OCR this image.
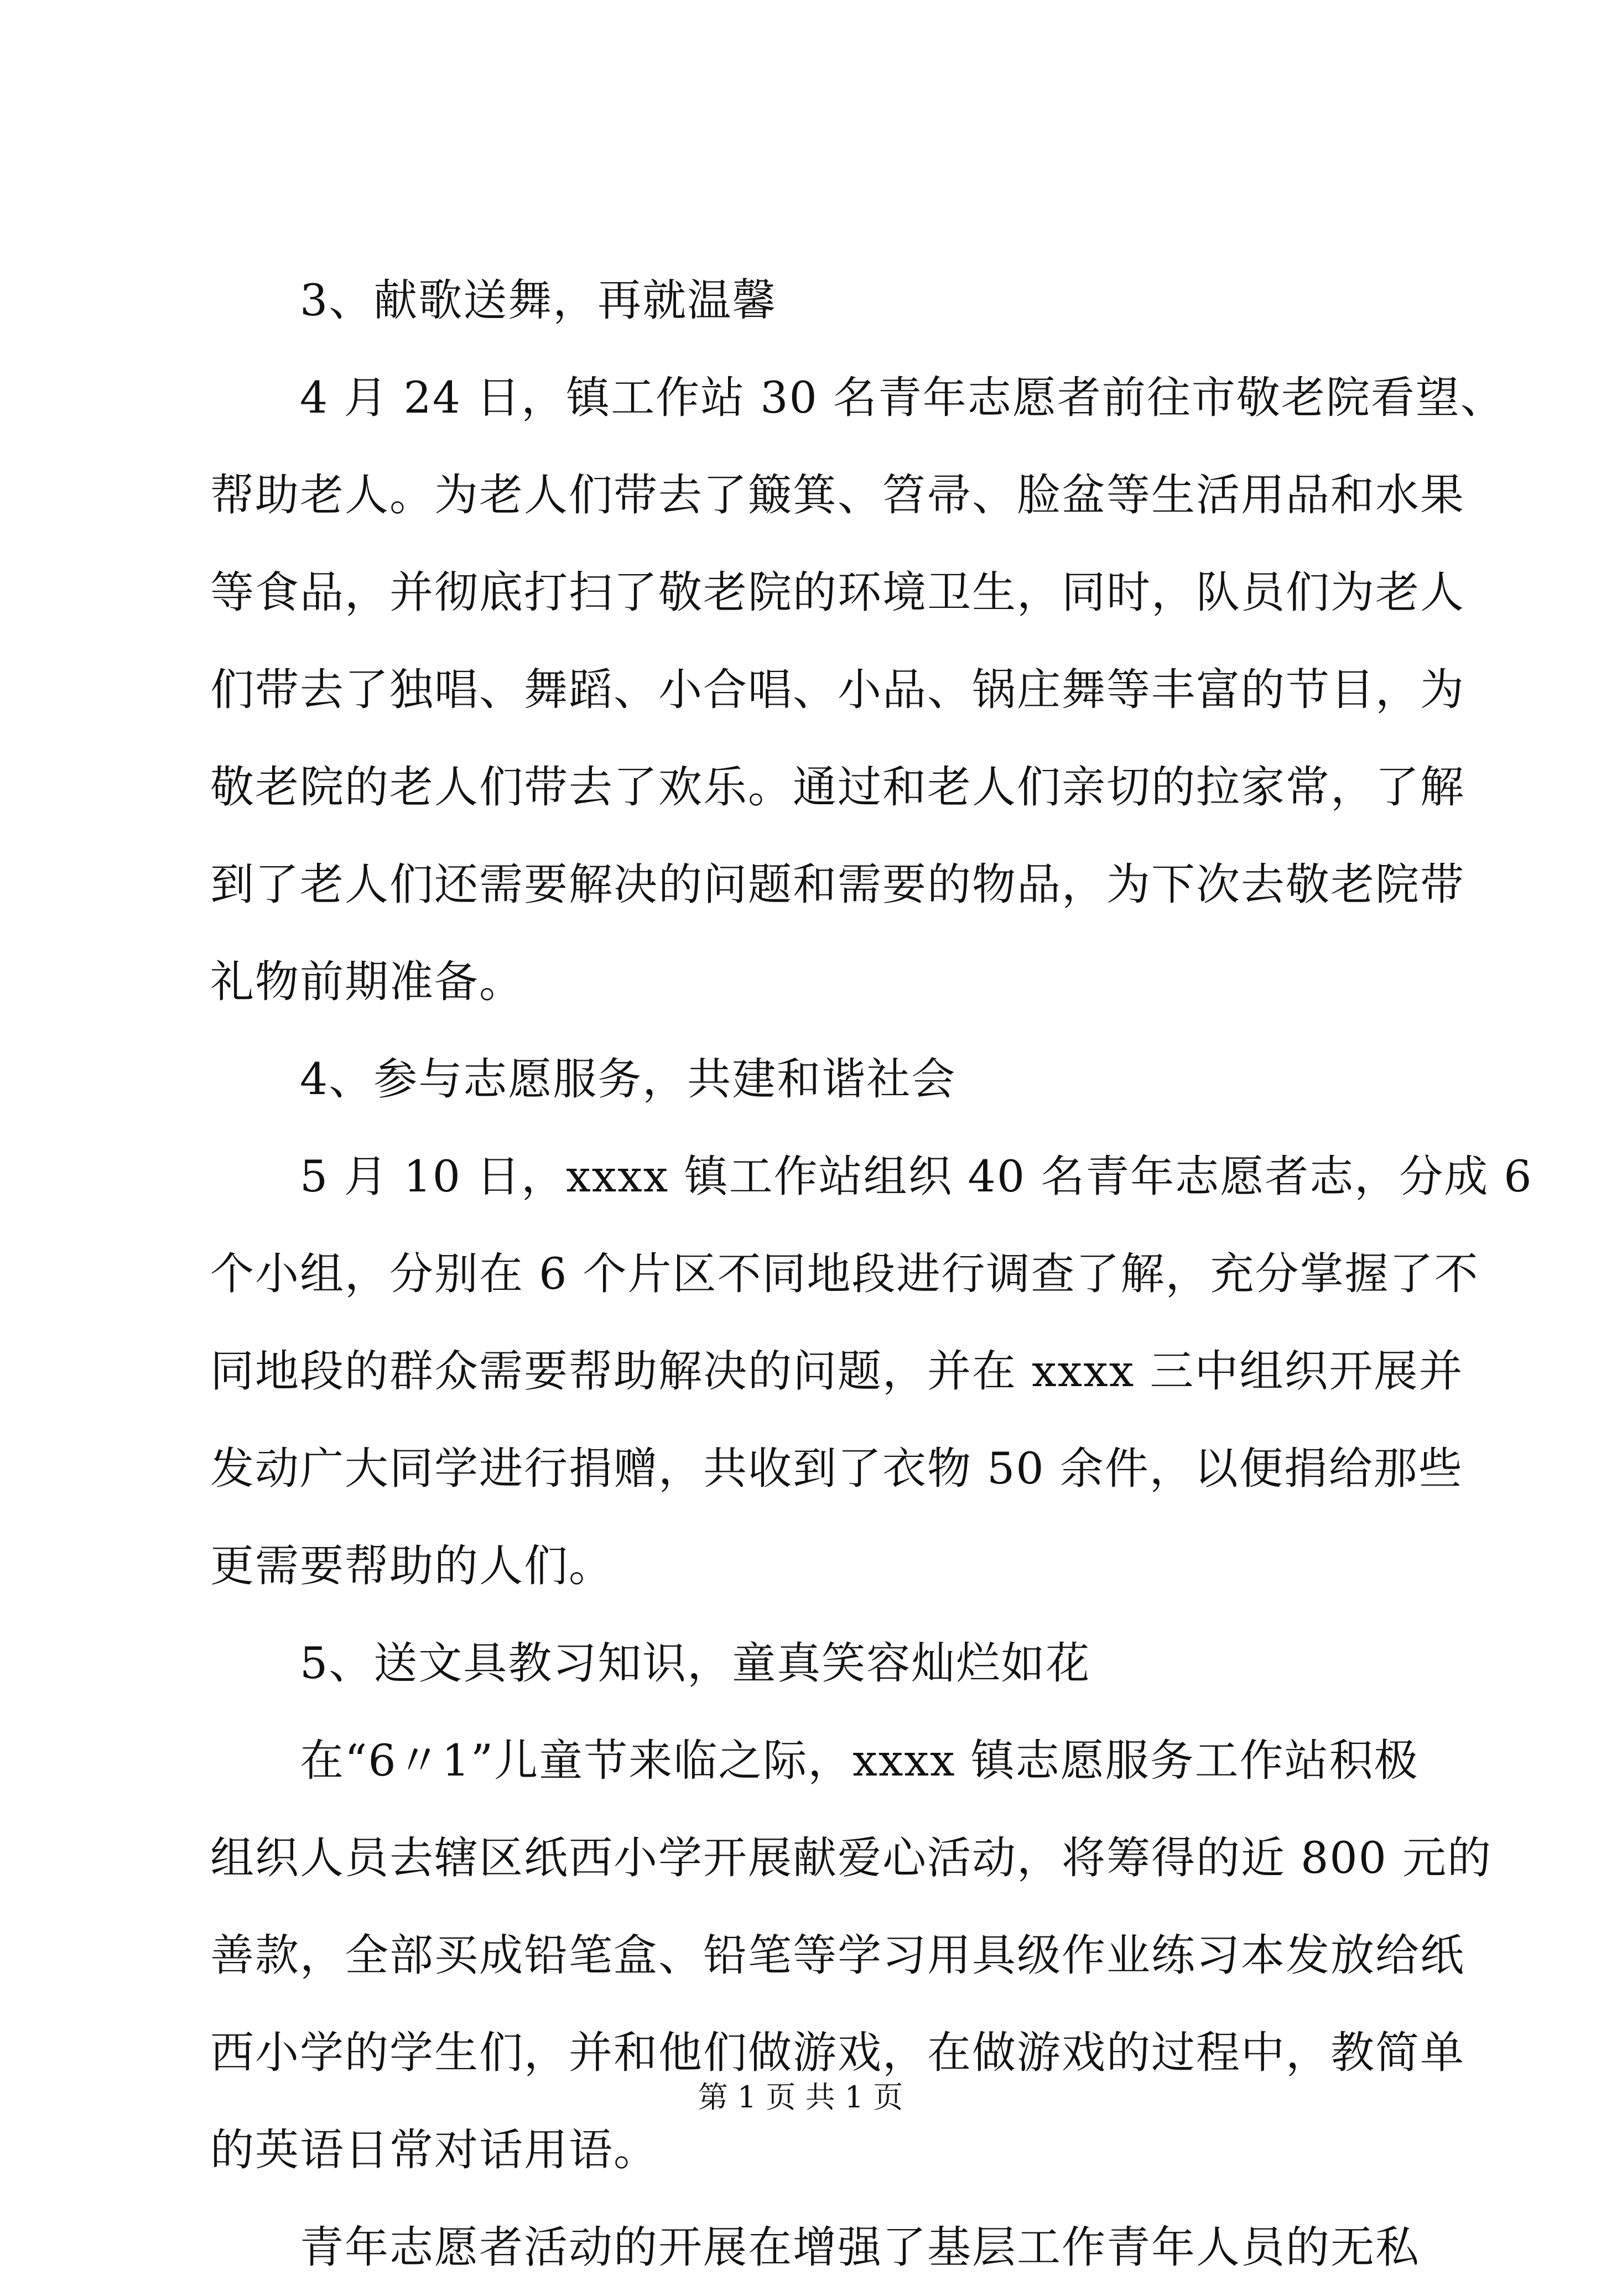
　　3、献歌送舞，再就温馨
　　4 月 24 日，镇工作站 30 名青年志愿者前往市敬老院看望、
帮助老人。为老人们带去了簸箕、笤帚、脸盆等生活用品和水果
等食品，并彻底打扫了敬老院的环境卫生，同时，队员们为老人
们带去了独唱、舞蹈、小合唱、小品、锅庄舞等丰富的节目，为
敬老院的老人们带去了欢乐。通过和老人们亲切的拉家常，了解
到了老人们还需要解决的问题和需要的物品，为下次去敬老院带
礼物前期准备。
　　4、参与志愿服务，共建和谐社会
　　5 月 10 日，xxxx 镇工作站组织 40 名青年志愿者志，分成 6
个小组，分别在 6 个片区不同地段进行调查了解，充分掌握了不
同地段的群众需要帮助解决的问题，并在 xxxx 三中组织开展并
发动广大同学进行捐赠，共收到了衣物 50 余件，以便捐给那些
更需要帮助的人们。
　　5、送文具教习知识，童真笑容灿烂如花
　　在“6〃1”儿童节来临之际，xxxx 镇志愿服务工作站积极
组织人员去辖区纸西小学开展献爱心活动，将筹得的近 800 元的
善款，全部买成铅笔盒、铅笔等学习用具级作业练习本发放给纸
西小学的学生们，并和他们做游戏，在做游戏的过程中，教简单
的英语日常对话用语。
　　青年志愿者活动的开展在增强了基层工作青年人员的无私
第 1 页 共 1 页
